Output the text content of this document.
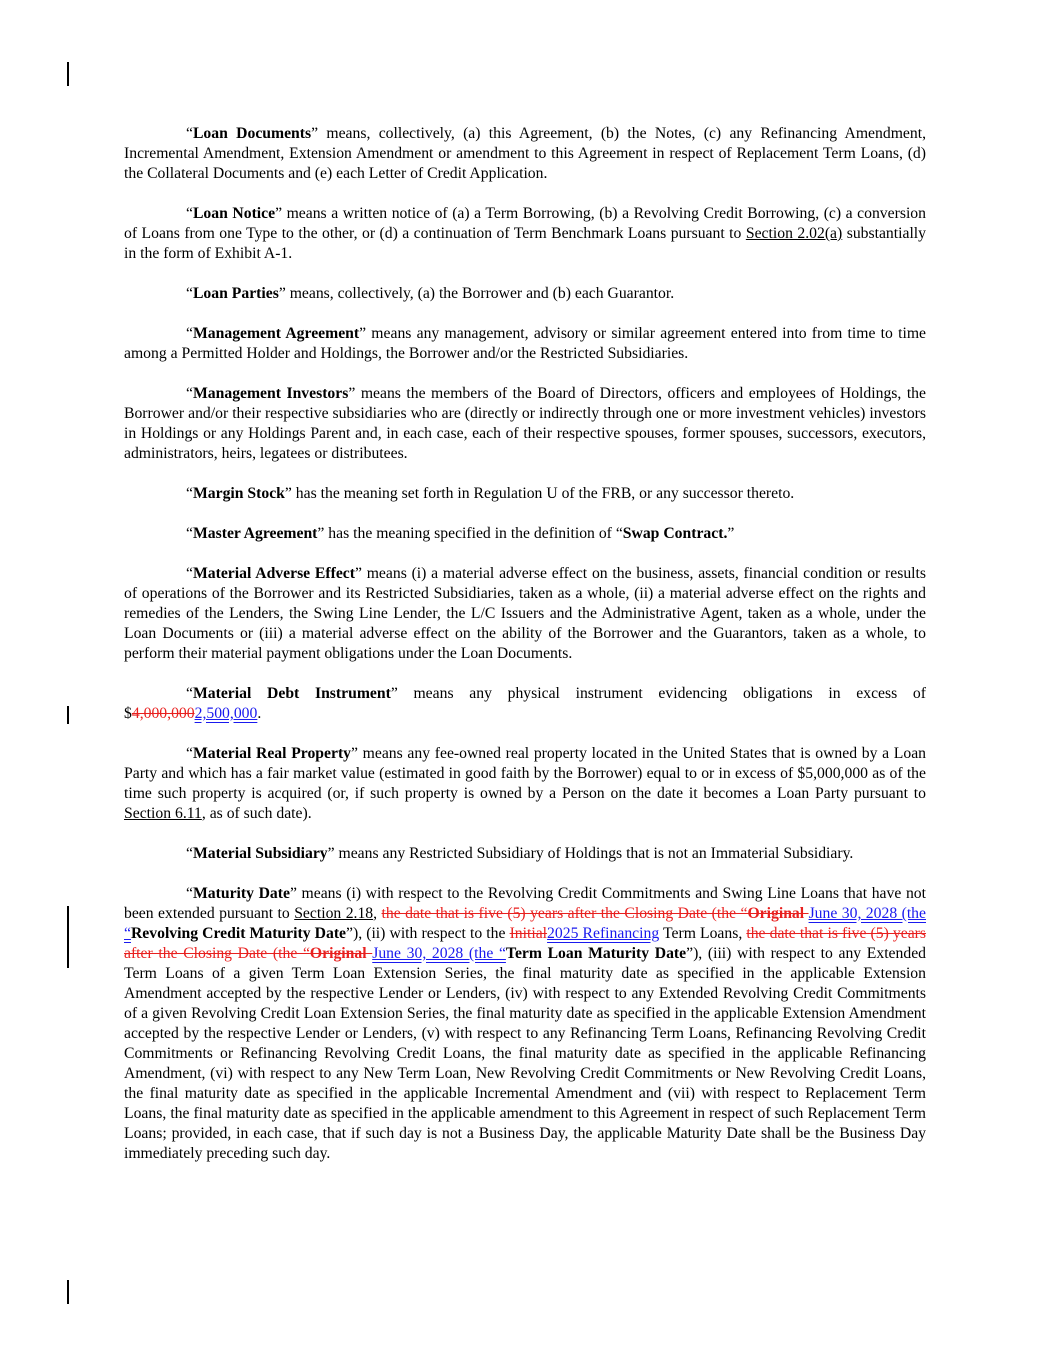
“Loan Documents” means, collectively, (a) this Agreement, (b) the Notes, (c) any Refinancing Amendment, Incremental Amendment, Extension Amendment or amendment to this Agreement in respect of Replacement Term Loans, (d) the Collateral Documents and (e) each Letter of Credit Application.

“Loan Notice” means a written notice of (a) a Term Borrowing, (b) a Revolving Credit Borrowing, (c) a conversion of Loans from one Type to the other, or (d) a continuation of Term Benchmark Loans pursuant to Section 2.02(a) substantially in the form of Exhibit A-1.

“Loan Parties” means, collectively, (a) the Borrower and (b) each Guarantor.

“Management Agreement” means any management, advisory or similar agreement entered into from time to time among a Permitted Holder and Holdings, the Borrower and/or the Restricted Subsidiaries.

“Management Investors” means the members of the Board of Directors, officers and employees of Holdings, the Borrower and/or their respective subsidiaries who are (directly or indirectly through one or more investment vehicles) investors in Holdings or any Holdings Parent and, in each case, each of their respective spouses, former spouses, successors, executors, administrators, heirs, legatees or distributees.

“Margin Stock” has the meaning set forth in Regulation U of the FRB, or any successor thereto.

“Master Agreement” has the meaning specified in the definition of “Swap Contract.”

“Material Adverse Effect” means (i) a material adverse effect on the business, assets, financial condition or results of operations of the Borrower and its Restricted Subsidiaries, taken as a whole, (ii) a material adverse effect on the rights and remedies of the Lenders, the Swing Line Lender, the L/C Issuers and the Administrative Agent, taken as a whole, under the Loan Documents or (iii) a material adverse effect on the ability of the Borrower and the Guarantors, taken as a whole, to perform their material payment obligations under the Loan Documents.

“Material Debt Instrument” means any physical instrument evidencing obligations in excess of $4,000,0002,500,000.

“Material Real Property” means any fee-owned real property located in the United States that is owned by a Loan Party and which has a fair market value (estimated in good faith by the Borrower) equal to or in excess of $5,000,000 as of the time such property is acquired (or, if such property is owned by a Person on the date it becomes a Loan Party pursuant to Section 6.11, as of such date).

“Material Subsidiary” means any Restricted Subsidiary of Holdings that is not an Immaterial Subsidiary.

“Maturity Date” means (i) with respect to the Revolving Credit Commitments and Swing Line Loans that have not been extended pursuant to Section 2.18, the date that is five (5) years after the Closing Date (the “Original June 30, 2028 (the “Revolving Credit Maturity Date”), (ii) with respect to the Initial2025 Refinancing Term Loans, the date that is five (5) years after the Closing Date (the “Original June 30, 2028 (the “Term Loan Maturity Date”), (iii) with respect to any Extended Term Loans of a given Term Loan Extension Series, the final maturity date as specified in the applicable Extension Amendment accepted by the respective Lender or Lenders, (iv) with respect to any Extended Revolving Credit Commitments of a given Revolving Credit Loan Extension Series, the final maturity date as specified in the applicable Extension Amendment accepted by the respective Lender or Lenders, (v) with respect to any Refinancing Term Loans, Refinancing Revolving Credit Commitments or Refinancing Revolving Credit Loans, the final maturity date as specified in the applicable Refinancing Amendment, (vi) with respect to any New Term Loan, New Revolving Credit Commitments or New Revolving Credit Loans, the final maturity date as specified in the applicable Incremental Amendment and (vii) with respect to Replacement Term Loans, the final maturity date as specified in the applicable amendment to this Agreement in respect of such Replacement Term Loans; provided, in each case, that if such day is not a Business Day, the applicable Maturity Date shall be the Business Day immediately preceding such day.
